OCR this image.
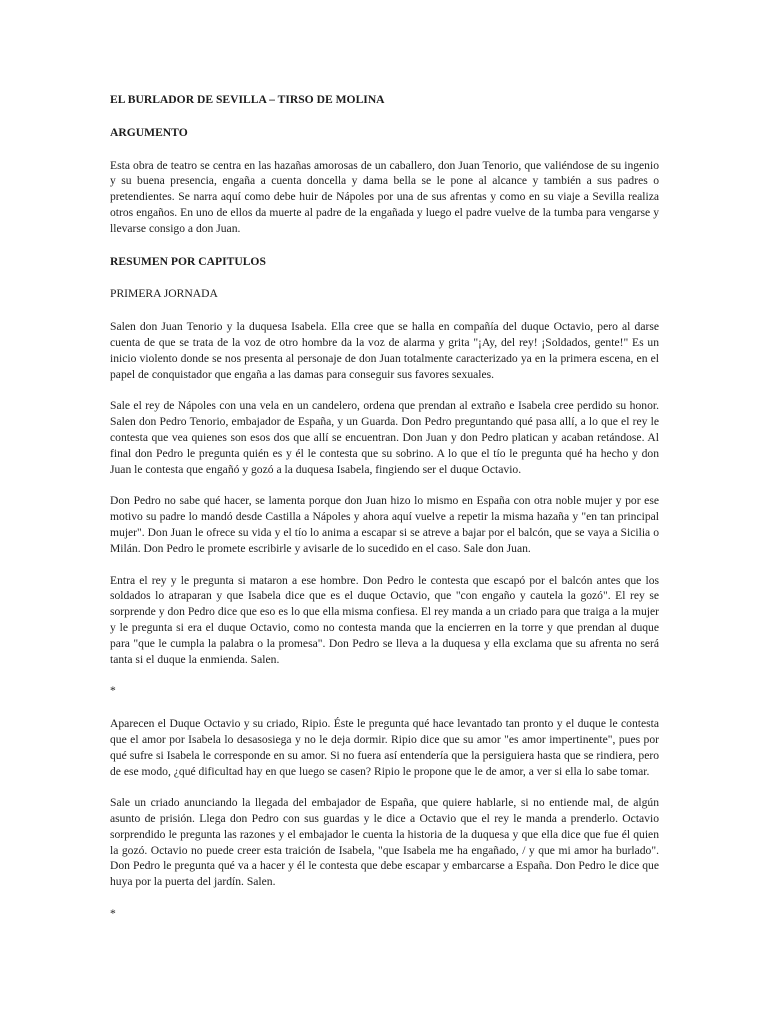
EL BURLADOR DE SEVILLA – TIRSO DE MOLINA

ARGUMENTO

Esta obra de teatro se centra en las hazañas amorosas de un caballero, don Juan Tenorio, que valiéndose de su ingenio y su buena presencia, engaña a cuenta doncella y dama bella se le pone al alcance y también a sus padres o pretendientes. Se narra aquí como debe huir de Nápoles por una de sus afrentas y como en su viaje a Sevilla realiza otros engaños. En uno de ellos da muerte al padre de la engañada y luego el padre vuelve de la tumba para vengarse y llevarse consigo a don Juan.

RESUMEN POR CAPITULOS

PRIMERA JORNADA

Salen don Juan Tenorio y la duquesa Isabela. Ella cree que se halla en compañía del duque Octavio, pero al darse cuenta de que se trata de la voz de otro hombre da la voz de alarma y grita "¡Ay, del rey! ¡Soldados, gente!" Es un inicio violento donde se nos presenta al personaje de don Juan totalmente caracterizado ya en la primera escena, en el papel de conquistador que engaña a las damas para conseguir sus favores sexuales.

Sale el rey de Nápoles con una vela en un candelero, ordena que prendan al extraño e Isabela cree perdido su honor. Salen don Pedro Tenorio, embajador de España, y un Guarda. Don Pedro preguntando qué pasa allí, a lo que el rey le contesta que vea quienes son esos dos que allí se encuentran. Don Juan y don Pedro platican y acaban retándose. Al final don Pedro le pregunta quién es y él le contesta que su sobrino. A lo que el tío le pregunta qué ha hecho y don Juan le contesta que engañó y gozó a la duquesa Isabela, fingiendo ser el duque Octavio.

Don Pedro no sabe qué hacer, se lamenta porque don Juan hizo lo mismo en España con otra noble mujer y por ese motivo su padre lo mandó desde Castilla a Nápoles y ahora aquí vuelve a repetir la misma hazaña y "en tan principal mujer". Don Juan le ofrece su vida y el tío lo anima a escapar si se atreve a bajar por el balcón, que se vaya a Sicilia o Milán. Don Pedro le promete escribirle y avisarle de lo sucedido en el caso. Sale don Juan.

Entra el rey y le pregunta si mataron a ese hombre. Don Pedro le contesta que escapó por el balcón antes que los soldados lo atraparan y que Isabela dice que es el duque Octavio, que "con engaño y cautela la gozó". El rey se sorprende y don Pedro dice que eso es lo que ella misma confiesa. El rey manda a un criado para que traiga a la mujer y le pregunta si era el duque Octavio, como no contesta manda que la encierren en la torre y que prendan al duque para "que le cumpla la palabra o la promesa". Don Pedro se lleva a la duquesa y ella exclama que su afrenta no será tanta si el duque la enmienda. Salen.

*

Aparecen el Duque Octavio y su criado, Ripio. Éste le pregunta qué hace levantado tan pronto y el duque le contesta que el amor por Isabela lo desasosiega y no le deja dormir. Ripio dice que su amor "es amor impertinente", pues por qué sufre si Isabela le corresponde en su amor. Si no fuera así entendería que la persiguiera hasta que se rindiera, pero de ese modo, ¿qué dificultad hay en que luego se casen? Ripio le propone que le de amor, a ver si ella lo sabe tomar.

Sale un criado anunciando la llegada del embajador de España, que quiere hablarle, si no entiende mal, de algún asunto de prisión. Llega don Pedro con sus guardas y le dice a Octavio que el rey le manda a prenderlo. Octavio sorprendido le pregunta las razones y el embajador le cuenta la historia de la duquesa y que ella dice que fue él quien la gozó. Octavio no puede creer esta traición de Isabela, "que Isabela me ha engañado, / y que mi amor ha burlado". Don Pedro le pregunta qué va a hacer y él le contesta que debe escapar y embarcarse a España. Don Pedro le dice que huya por la puerta del jardín. Salen.

*
